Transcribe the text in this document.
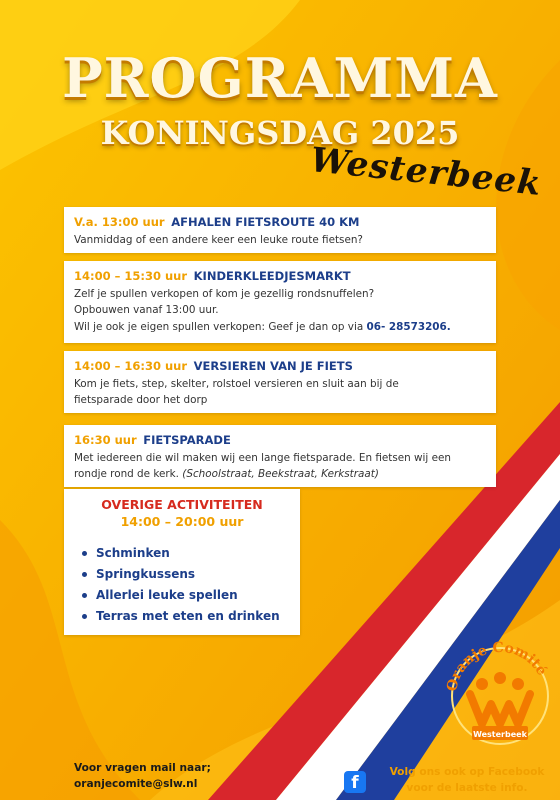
PROGRAMMA
KONINGSDAG 2025
Westerbeek
V.a. 13:00 uur AFHALEN FIETSROUTE 40 KM
Vanmiddag of een andere keer een leuke route fietsen?
14:00 – 15:30 uur KINDERKLEEDJESMARKT
Zelf je spullen verkopen of kom je gezellig rondsnuffelen?
Opbouwen vanaf 13:00 uur.
Wil je ook je eigen spullen verkopen: Geef je dan op via 06- 28573206.
14:00 – 16:30 uur VERSIEREN VAN JE FIETS
Kom je fiets, step, skelter, rolstoel versieren en sluit aan bij de
fietsparade door het dorp
16:30 uur FIETSPARADE
Met iedereen die wil maken wij een lange fietsparade. En fietsen wij een
rondje rond de kerk. (Schoolstraat, Beekstraat, Kerkstraat)
OVERIGE ACTIVITEITEN
14:00 – 20:00 uur
Schminken
Springkussens
Allerlei leuke spellen
Terras met eten en drinken
Oranje Comité
Westerbeek
Voor vragen mail naar;
oranjecomite@slw.nl	f
Volg ons ook op Facebook
voor de laatste info.
